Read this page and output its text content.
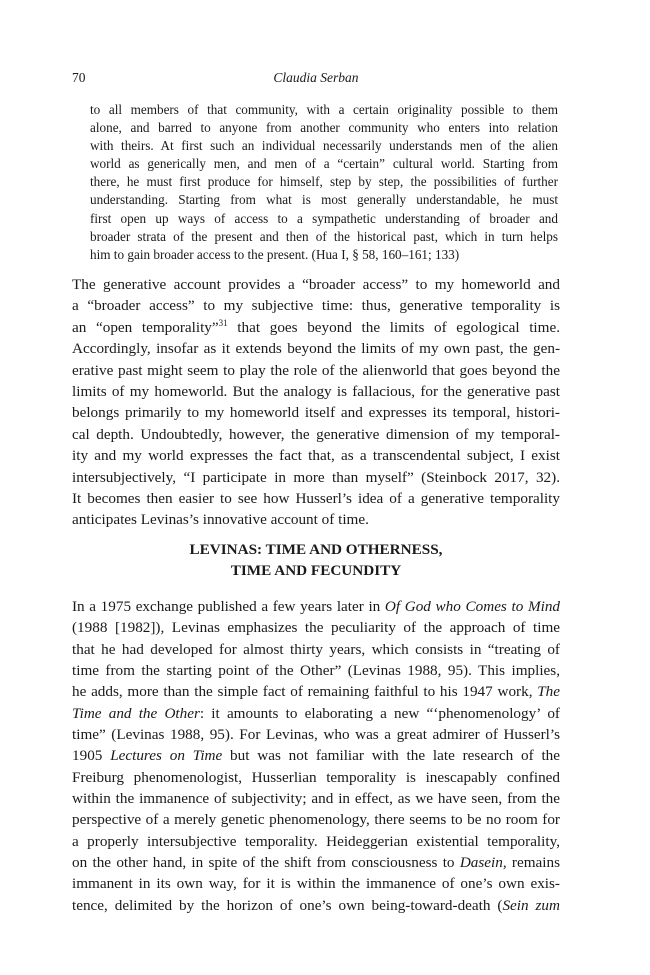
70	Claudia Serban
to all members of that community, with a certain originality possible to them
alone, and barred to anyone from another community who enters into relation
with theirs. At first such an individual necessarily understands men of the alien
world as generically men, and men of a “certain” cultural world. Starting from
there, he must first produce for himself, step by step, the possibilities of further
understanding. Starting from what is most generally understandable, he must
first open up ways of access to a sympathetic understanding of broader and
broader strata of the present and then of the historical past, which in turn helps
him to gain broader access to the present. (Hua I, § 58, 160–161; 133)
The generative account provides a “broader access” to my homeworld and
a “broader access” to my subjective time: thus, generative temporality is
an “open temporality”$^{31}$ that goes beyond the limits of egological time.
Accordingly, insofar as it extends beyond the limits of my own past, the gen-
erative past might seem to play the role of the alienworld that goes beyond the
limits of my homeworld. But the analogy is fallacious, for the generative past
belongs primarily to my homeworld itself and expresses its temporal, histori-
cal depth. Undoubtedly, however, the generative dimension of my temporal-
ity and my world expresses the fact that, as a transcendental subject, I exist
intersubjectively, “I participate in more than myself” (Steinbock 2017, 32).
It becomes then easier to see how Husserl’s idea of a generative temporality
anticipates Levinas’s innovative account of time.
LEVINAS: TIME AND OTHERNESS,
TIME AND FECUNDITY
In a 1975 exchange published a few years later in Of God who Comes to Mind
(1988 [1982]), Levinas emphasizes the peculiarity of the approach of time
that he had developed for almost thirty years, which consists in “treating of
time from the starting point of the Other” (Levinas 1988, 95). This implies,
he adds, more than the simple fact of remaining faithful to his 1947 work, The
Time and the Other: it amounts to elaborating a new “‘phenomenology’ of
time” (Levinas 1988, 95). For Levinas, who was a great admirer of Husserl’s
1905 Lectures on Time but was not familiar with the late research of the
Freiburg phenomenologist, Husserlian temporality is inescapably confined
within the immanence of subjectivity; and in effect, as we have seen, from the
perspective of a merely genetic phenomenology, there seems to be no room for
a properly intersubjective temporality. Heideggerian existential temporality,
on the other hand, in spite of the shift from consciousness to Dasein, remains
immanent in its own way, for it is within the immanence of one’s own exis-
tence, delimited by the horizon of one’s own being-toward-death (Sein zum
